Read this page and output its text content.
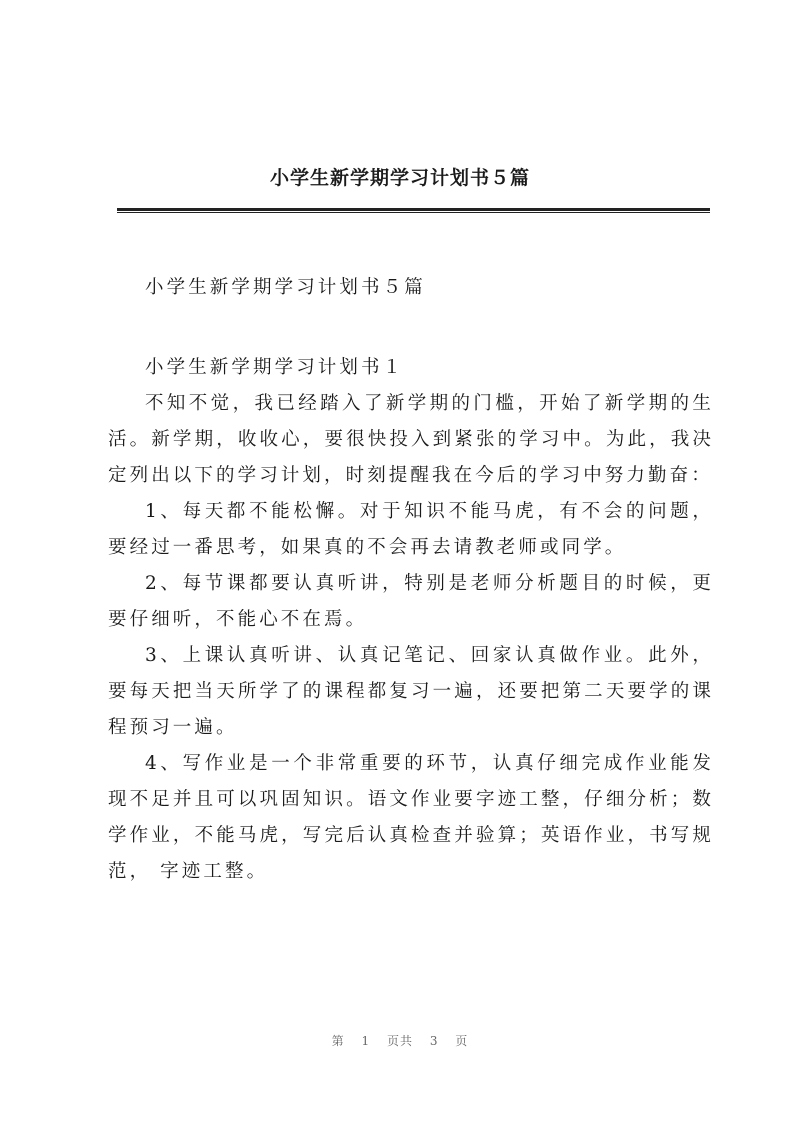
小学生新学期学习计划书５篇

小学生新学期学习计划书５篇

小学生新学期学习计划书１

不知不觉，我已经踏入了新学期的门槛，开始了新学期的生活。新学期，收收心，要很快投入到紧张的学习中。为此，我决定列出以下的学习计划，时刻提醒我在今后的学习中努力勤奋：

1、每天都不能松懈。对于知识不能马虎，有不会的问题，要经过一番思考，如果真的不会再去请教老师或同学。

2、每节课都要认真听讲，特别是老师分析题目的时候，更要仔细听，不能心不在焉。

3、上课认真听讲、认真记笔记、回家认真做作业。此外，要每天把当天所学了的课程都复习一遍，还要把第二天要学的课程预习一遍。

4、写作业是一个非常重要的环节，认真仔细完成作业能发现不足并且可以巩固知识。语文作业要字迹工整，仔细分析；数学作业，不能马虎，写完后认真检查并验算；英语作业，书写规范， 字迹工整。

第 1 页共 3 页
